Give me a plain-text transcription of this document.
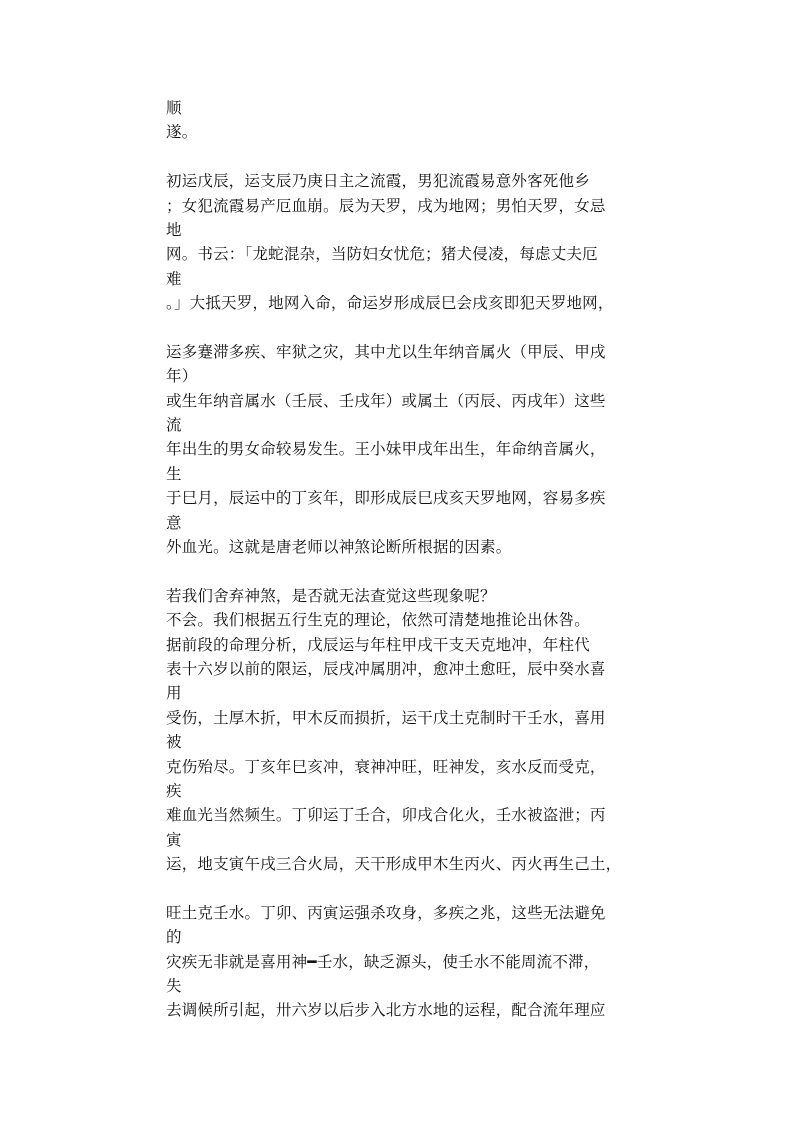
顺
遂。
初运戊辰，运支辰乃庚日主之流霞，男犯流霞易意外客死他乡
；女犯流霞易产厄血崩。辰为天罗，戌为地网；男怕天罗，女忌
地
网。书云：「龙蛇混杂，当防妇女忧危；猪犬侵凌，每虑丈夫厄
难
。」大抵天罗，地网入命，命运岁形成辰巳会戌亥即犯天罗地网，
运多蹇滞多疾、牢狱之灾，其中尤以生年纳音属火（甲辰、甲戌
年）
或生年纳音属水（壬辰、壬戌年）或属土（丙辰、丙戌年）这些
流
年出生的男女命较易发生。王小妹甲戌年出生，年命纳音属火，
生
于巳月，辰运中的丁亥年，即形成辰巳戌亥天罗地网，容易多疾
意
外血光。这就是唐老师以神煞论断所根据的因素。
若我们舍弃神煞，是否就无法查觉这些现象呢？
不会。我们根据五行生克的理论，依然可清楚地推论出休咎。
据前段的命理分析，戊辰运与年柱甲戌干支天克地冲，年柱代
表十六岁以前的限运，辰戌冲属朋冲，愈冲土愈旺，辰中癸水喜
用
受伤，土厚木折，甲木反而损折，运干戊土克制时干壬水，喜用
被
克伤殆尽。丁亥年巳亥冲，衰神冲旺，旺神发，亥水反而受克，
疾
难血光当然频生。丁卯运丁壬合，卯戌合化火，壬水被盗泄；丙
寅
运，地支寅午戌三合火局，天干形成甲木生丙火、丙火再生己土，
旺土克壬水。丁卯、丙寅运强杀攻身，多疾之兆，这些无法避免
的
灾疾无非就是喜用神━壬水，缺乏源头，使壬水不能周流不滞，
失
去调候所引起，卅六岁以后步入北方水地的运程，配合流年理应
